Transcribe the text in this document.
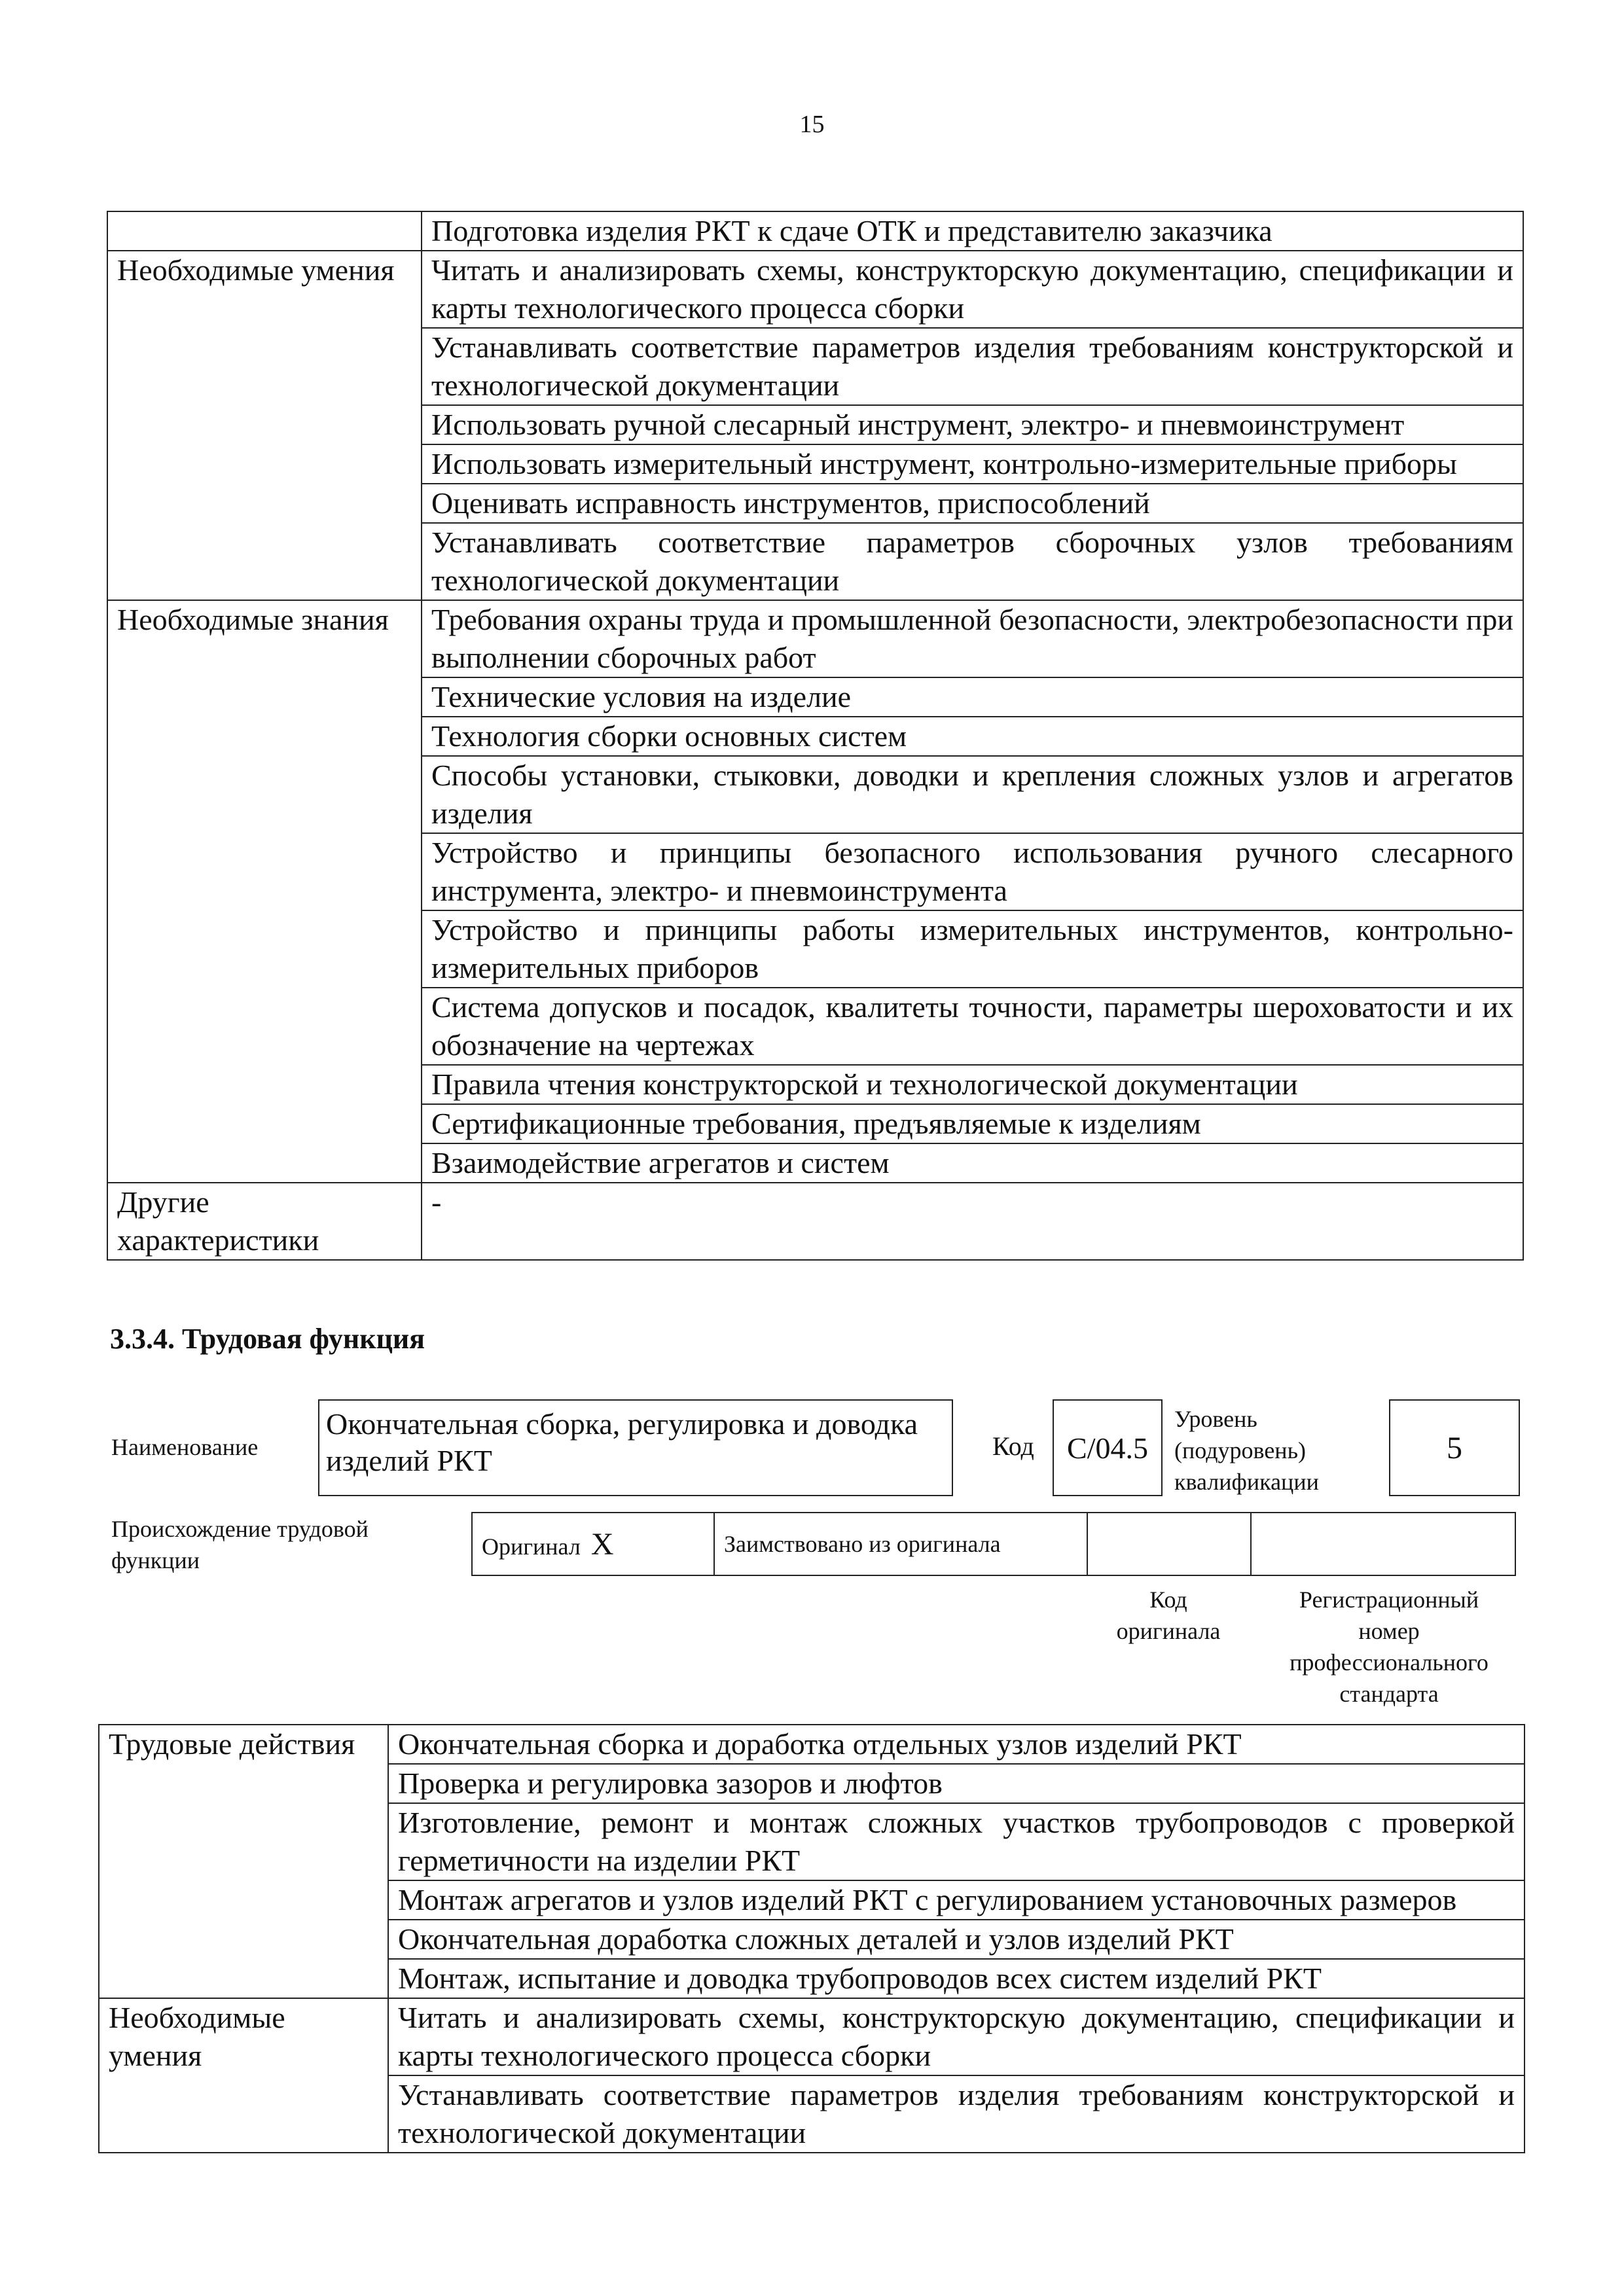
15
	Подготовка изделия РКТ к сдаче ОТК и представителю заказчика
Необходимые умения	Читать и анализировать схемы, конструкторскую документацию, спецификации и карты технологического процесса сборки
	Устанавливать соответствие параметров изделия требованиям конструкторской и технологической документации
	Использовать ручной слесарный инструмент, электро- и пневмоинструмент
	Использовать измерительный инструмент, контрольно-измерительные приборы
	Оценивать исправность инструментов, приспособлений
	Устанавливать соответствие параметров сборочных узлов требованиям технологической документации
Необходимые знания	Требования охраны труда и промышленной безопасности, электробезопасности при выполнении сборочных работ
	Технические условия на изделие
	Технология сборки основных систем
	Способы установки, стыковки, доводки и крепления сложных узлов и агрегатов изделия
	Устройство и принципы безопасного использования ручного слесарного инструмента, электро- и пневмоинструмента
	Устройство и принципы работы измерительных инструментов, контрольно-измерительных приборов
	Система допусков и посадок, квалитеты точности, параметры шероховатости и их обозначение на чертежах
	Правила чтения конструкторской и технологической документации
	Сертификационные требования, предъявляемые к изделиям
	Взаимодействие агрегатов и систем
Другие характеристики	-
3.3.4. Трудовая функция
Наименование
Окончательная сборка, регулировка и доводка изделий РКТ	Код	C/04.5
Уровень
(подуровень)
квалификации
5
Происхождение трудовой
функции
Оригинал X	Заимствовано из оригинала		
Код
оригинала
Регистрационный
номер
профессионального
стандарта
Трудовые действия	Окончательная сборка и доработка отдельных узлов изделий РКТ
	Проверка и регулировка зазоров и люфтов
	Изготовление, ремонт и монтаж сложных участков трубопроводов с проверкой герметичности на изделии РКТ
	Монтаж агрегатов и узлов изделий РКТ с регулированием установочных размеров
	Окончательная доработка сложных деталей и узлов изделий РКТ
	Монтаж, испытание и доводка трубопроводов всех систем изделий РКТ
Необходимые умения	Читать и анализировать схемы, конструкторскую документацию, спецификации и карты технологического процесса сборки
	Устанавливать соответствие параметров изделия требованиям конструкторской и технологической документации
